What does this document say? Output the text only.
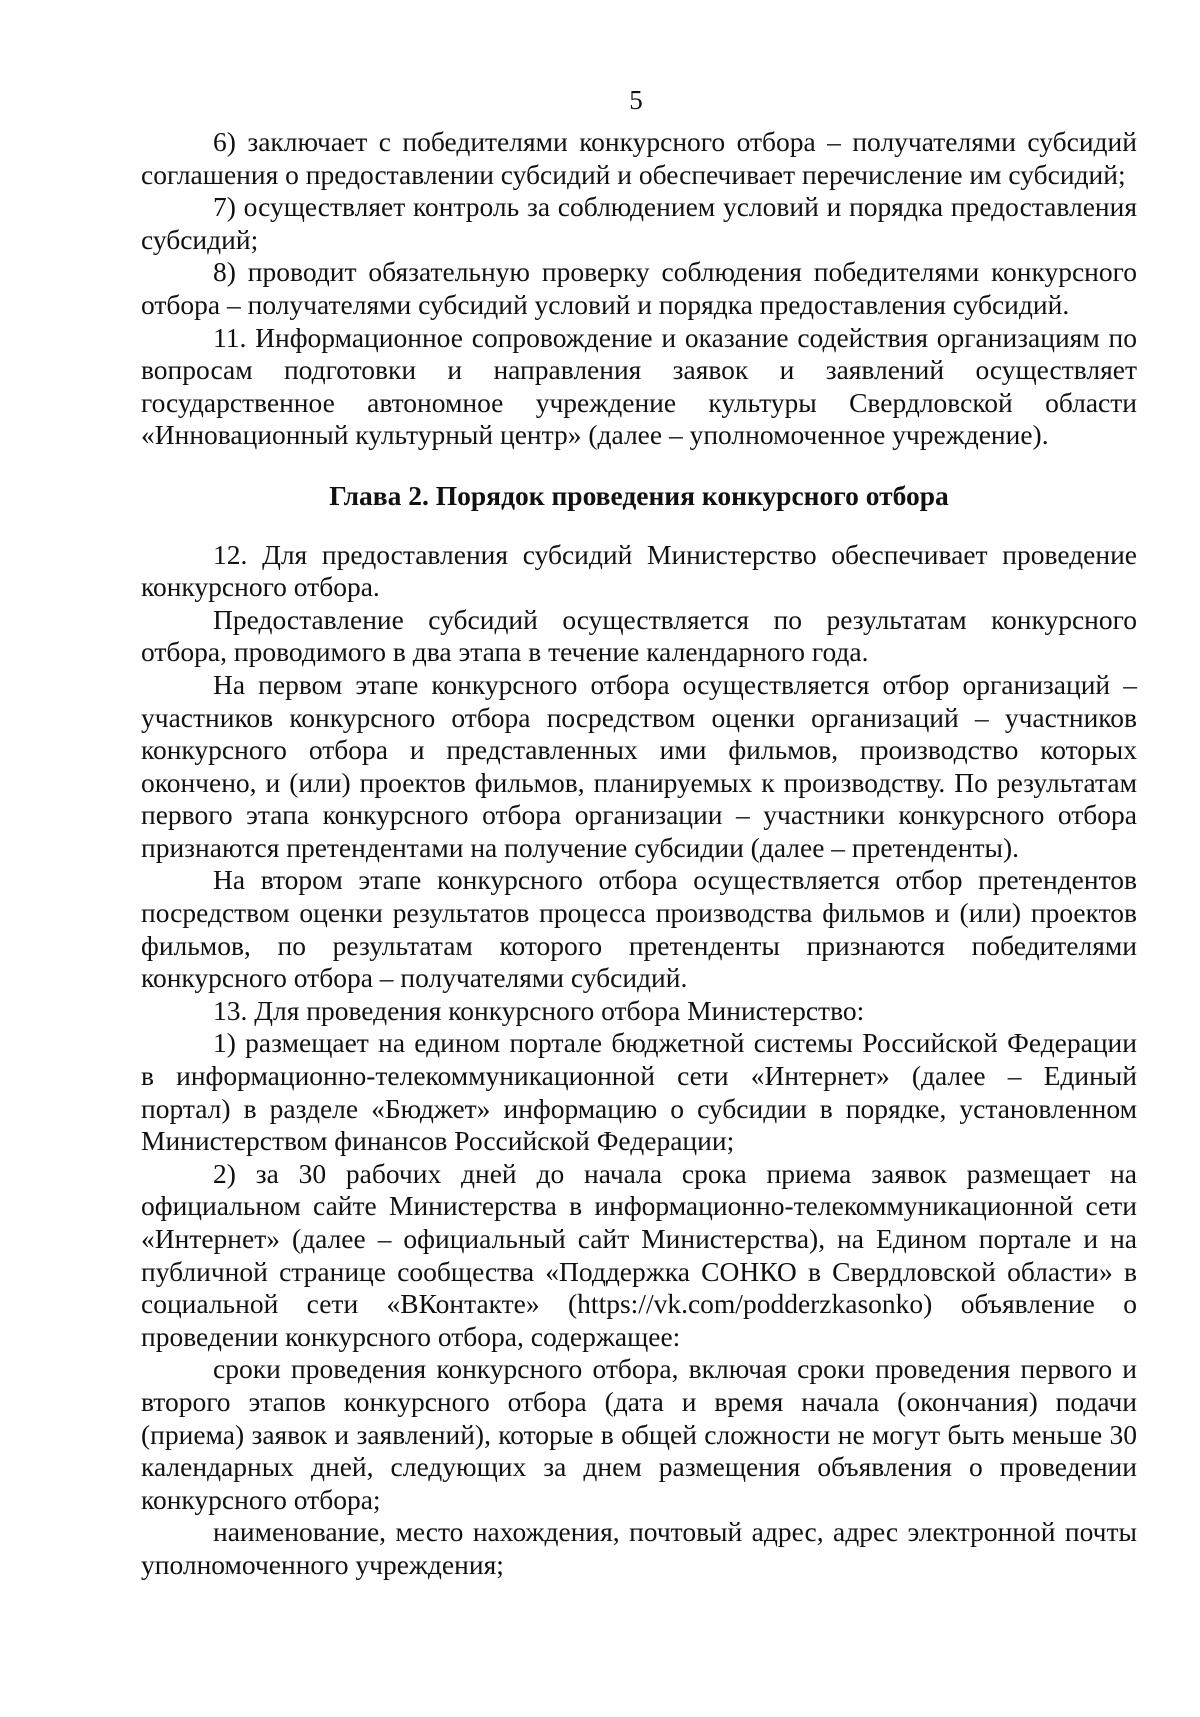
5

6) заключает с победителями конкурсного отбора – получателями субсидий соглашения о предоставлении субсидий и обеспечивает перечисление им субсидий;

7) осуществляет контроль за соблюдением условий и порядка предоставления субсидий;

8) проводит обязательную проверку соблюдения победителями конкурсного отбора – получателями субсидий условий и порядка предоставления субсидий.

11. Информационное сопровождение и оказание содействия организациям по вопросам подготовки и направления заявок и заявлений осуществляет государственное автономное учреждение культуры Свердловской области «Инновационный культурный центр» (далее – уполномоченное учреждение).

Глава 2. Порядок проведения конкурсного отбора

12. Для предоставления субсидий Министерство обеспечивает проведение конкурсного отбора.

Предоставление субсидий осуществляется по результатам конкурсного отбора, проводимого в два этапа в течение календарного года.

На первом этапе конкурсного отбора осуществляется отбор организаций – участников конкурсного отбора посредством оценки организаций – участников конкурсного отбора и представленных ими фильмов, производство которых окончено, и (или) проектов фильмов, планируемых к производству. По результатам первого этапа конкурсного отбора организации – участники конкурсного отбора признаются претендентами на получение субсидии (далее – претенденты).

На втором этапе конкурсного отбора осуществляется отбор претендентов посредством оценки результатов процесса производства фильмов и (или) проектов фильмов, по результатам которого претенденты признаются победителями конкурсного отбора – получателями субсидий.

13. Для проведения конкурсного отбора Министерство:

1) размещает на едином портале бюджетной системы Российской Федерации в информационно-телекоммуникационной сети «Интернет» (далее – Единый портал) в разделе «Бюджет» информацию о субсидии в порядке, установленном Министерством финансов Российской Федерации;

2) за 30 рабочих дней до начала срока приема заявок размещает на официальном сайте Министерства в информационно-телекоммуникационной сети «Интернет» (далее – официальный сайт Министерства), на Едином портале и на публичной странице сообщества «Поддержка СОНКО в Свердловской области» в социальной сети «ВКонтакте» (https://vk.com/podderzkasonko) объявление о проведении конкурсного отбора, содержащее:

сроки проведения конкурсного отбора, включая сроки проведения первого и второго этапов конкурсного отбора (дата и время начала (окончания) подачи (приема) заявок и заявлений), которые в общей сложности не могут быть меньше 30 календарных дней, следующих за днем размещения объявления о проведении конкурсного отбора;

наименование, место нахождения, почтовый адрес, адрес электронной почты уполномоченного учреждения;
